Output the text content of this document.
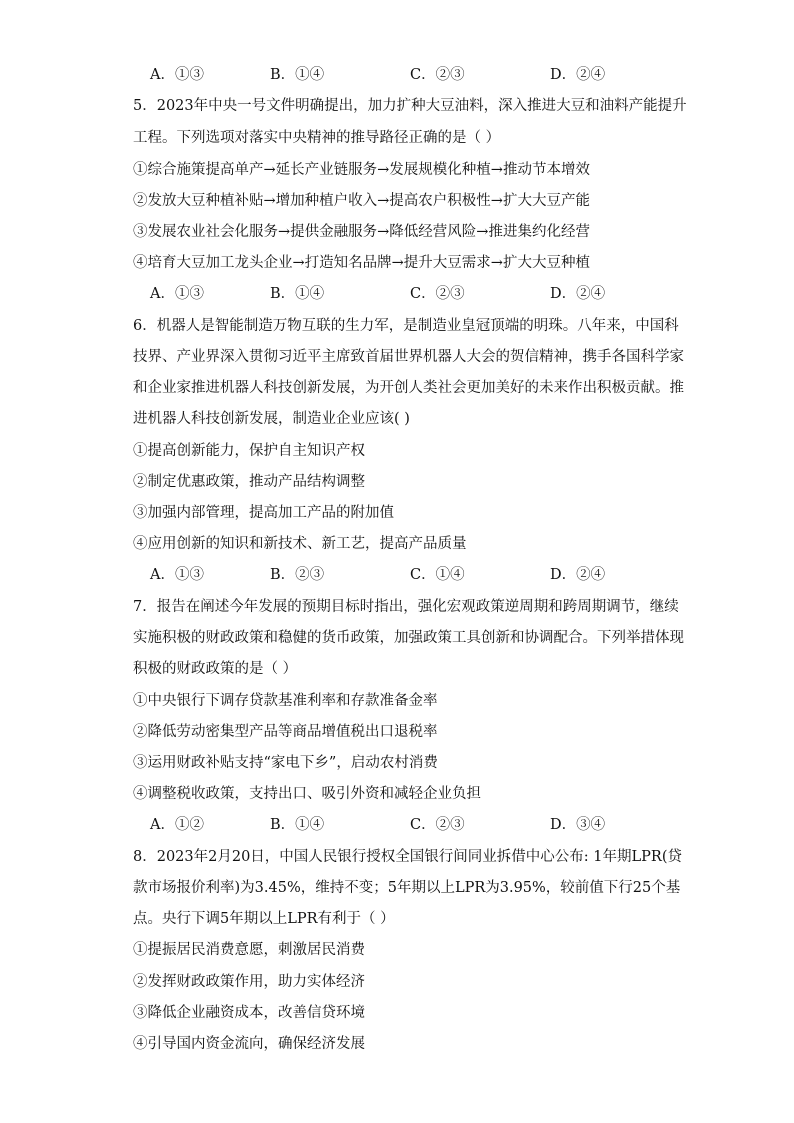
A．①③	B．①④	C．②③	D．②④
5．2023年中央一号文件明确提出，加力扩种大豆油料，深入推进大豆和油料产能提升
工程。下列选项对落实中央精神的推导路径正确的是（ ）
①综合施策提高单产→延长产业链服务→发展规模化种植→推动节本增效
②发放大豆种植补贴→增加种植户收入→提高农户积极性→扩大大豆产能
③发展农业社会化服务→提供金融服务→降低经营风险→推进集约化经营
④培育大豆加工龙头企业→打造知名品牌→提升大豆需求→扩大大豆种植
A．①③	B．①④	C．②③	D．②④
6．机器人是智能制造万物互联的生力军，是制造业皇冠顶端的明珠。八年来，中国科
技界、产业界深入贯彻习近平主席致首届世界机器人大会的贺信精神，携手各国科学家
和企业家推进机器人科技创新发展，为开创人类社会更加美好的未来作出积极贡献。推
进机器人科技创新发展，制造业企业应该( )
①提高创新能力，保护自主知识产权
②制定优惠政策，推动产品结构调整
③加强内部管理，提高加工产品的附加值
④应用创新的知识和新技术、新工艺，提高产品质量
A．①③	B．②③	C．①④	D．②④
7．报告在阐述今年发展的预期目标时指出，强化宏观政策逆周期和跨周期调节，继续
实施积极的财政政策和稳健的货币政策，加强政策工具创新和协调配合。下列举措体现
积极的财政政策的是（ ）
①中央银行下调存贷款基准利率和存款准备金率
②降低劳动密集型产品等商品增值税出口退税率
③运用财政补贴支持“家电下乡”，启动农村消费
④调整税收政策，支持出口、吸引外资和减轻企业负担
A．①②	B．①④	C．②③	D．③④
8．2023年2月20日，中国人民银行授权全国银行间同业拆借中心公布: 1年期LPR(贷
款市场报价利率)为3.45%，维持不变；5年期以上LPR为3.95%，较前值下行25个基
点。央行下调5年期以上LPR有利于（ ）
①提振居民消费意愿，刺激居民消费
②发挥财政政策作用，助力实体经济
③降低企业融资成本，改善信贷环境
④引导国内资金流向，确保经济发展
